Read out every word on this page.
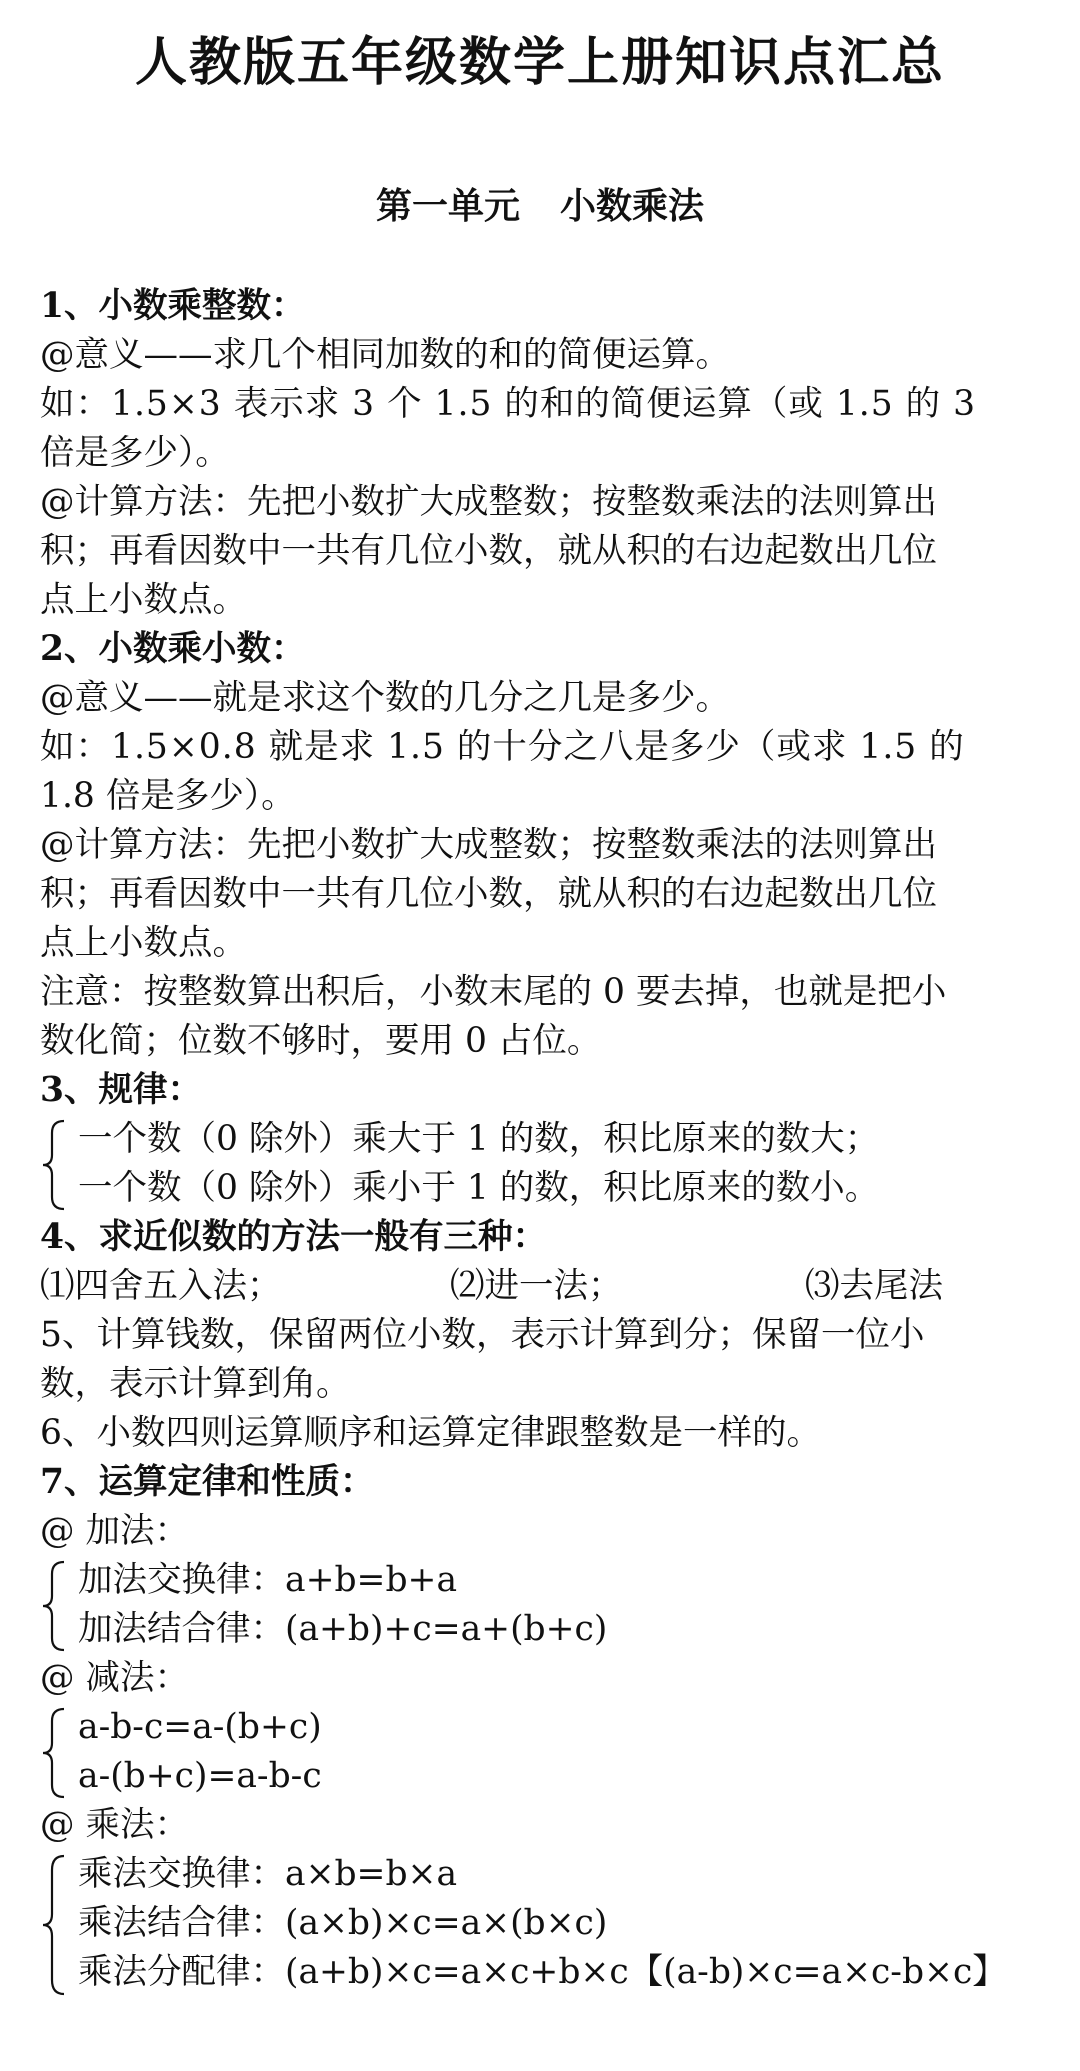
人教版五年级数学上册知识点汇总
第一单元 小数乘法
1、小数乘整数：
@意义——求几个相同加数的和的简便运算。
如：1.5×3 表示求 3 个 1.5 的和的简便运算（或 1.5 的 3
倍是多少）。
@计算方法：先把小数扩大成整数；按整数乘法的法则算出
积；再看因数中一共有几位小数，就从积的右边起数出几位
点上小数点。
2、小数乘小数：
@意义——就是求这个数的几分之几是多少。
如：1.5×0.8 就是求 1.5 的十分之八是多少（或求 1.5 的
1.8 倍是多少）。
@计算方法：先把小数扩大成整数；按整数乘法的法则算出
积；再看因数中一共有几位小数，就从积的右边起数出几位
点上小数点。
注意：按整数算出积后，小数末尾的 0 要去掉，也就是把小
数化简；位数不够时，要用 0 占位。
3、规律：
一个数（0 除外）乘大于 1 的数，积比原来的数大；
一个数（0 除外）乘小于 1 的数，积比原来的数小。
4、求近似数的方法一般有三种：
⑴四舍五入法；	⑵进一法；	⑶去尾法
5、计算钱数，保留两位小数，表示计算到分；保留一位小
数，表示计算到角。
6、小数四则运算顺序和运算定律跟整数是一样的。
7、运算定律和性质：
@ 加法：
加法交换律：a+b=b+a
加法结合律：(a+b)+c=a+(b+c)
@ 减法：
a-b-c=a-(b+c)
a-(b+c)=a-b-c
@ 乘法：
乘法交换律：a×b=b×a
乘法结合律：(a×b)×c=a×(b×c)
乘法分配律：(a+b)×c=a×c+b×c【(a-b)×c=a×c-b×c】
